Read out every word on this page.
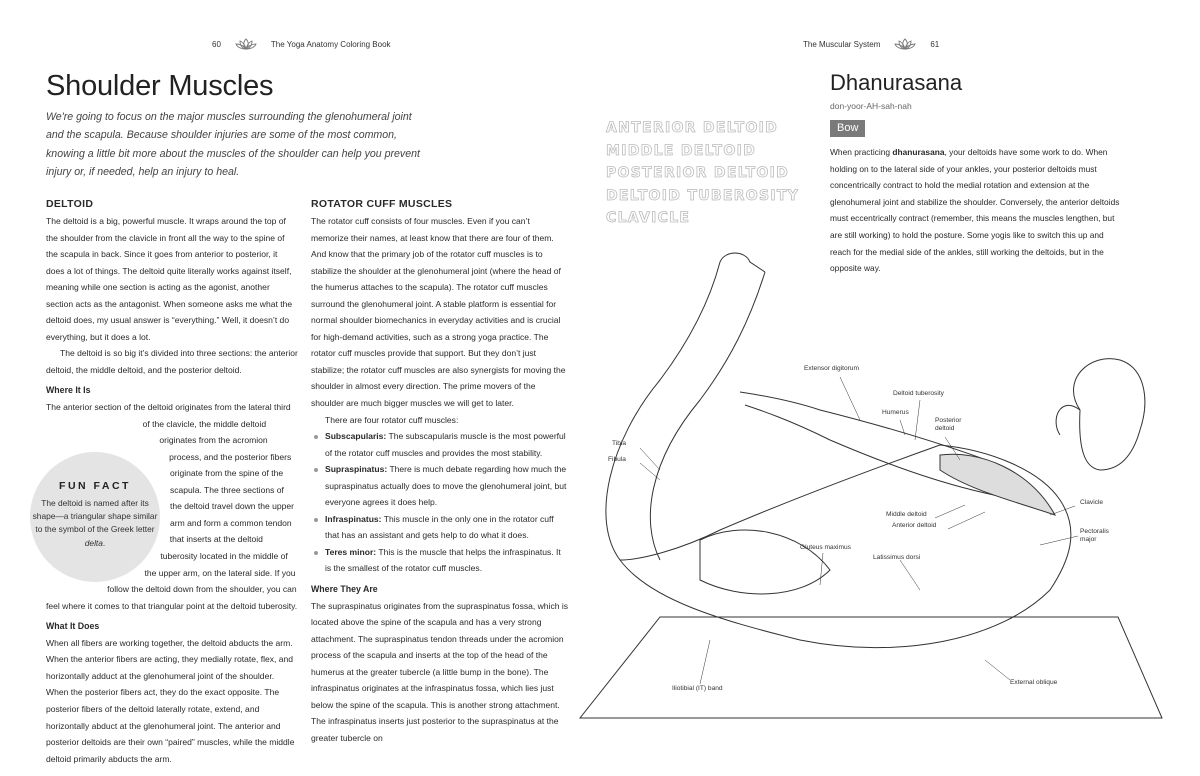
60	The Yoga Anatomy Coloring Book	The Muscular System	61
Shoulder Muscles

We're going to focus on the major muscles surrounding the glenohumeral joint and the scapula. Because shoulder injuries are some of the most common, knowing a little bit more about the muscles of the shoulder can help you prevent injury or, if needed, help an injury to heal.

DELTOID

The deltoid is a big, powerful muscle. It wraps around the top of the shoulder from the clavicle in front all the way to the spine of the scapula in back. Since it goes from anterior to posterior, it does a lot of things. The deltoid quite literally works against itself, meaning while one section is acting as the agonist, another section acts as the antagonist. When someone asks me what the deltoid does, my usual answer is “everything.” Well, it doesn’t do everything, but it does a lot.

The deltoid is so big it’s divided into three sections: the anterior deltoid, the middle deltoid, and the posterior deltoid.

Where It Is
FUN FACT
The deltoid is named after its shape—a triangular shape similar to the symbol of the Greek letter delta.

The anterior section of the deltoid originates from the lateral third of the clavicle, the middle deltoid originates from the acromion process, and the posterior fibers originate from the spine of the scapula. The three sections of the deltoid travel down the upper arm and form a common tendon that inserts at the deltoid tuberosity located in the middle of the upper arm, on the lateral side. If you follow the deltoid down from the shoulder, you can feel where it comes to that triangular point at the deltoid tuberosity.

What It Does

When all fibers are working together, the deltoid abducts the arm. When the anterior fibers are acting, they medially rotate, flex, and horizontally adduct at the glenohumeral joint of the shoulder. When the posterior fibers act, they do the exact opposite. The posterior fibers of the deltoid laterally rotate, extend, and horizontally abduct at the glenohumeral joint. The anterior and posterior deltoids are their own “paired” muscles, while the middle deltoid primarily abducts the arm.

ROTATOR CUFF MUSCLES

The rotator cuff consists of four muscles. Even if you can’t memorize their names, at least know that there are four of them. And know that the primary job of the rotator cuff muscles is to stabilize the shoulder at the glenohumeral joint (where the head of the humerus attaches to the scapula). The rotator cuff muscles surround the glenohumeral joint. A stable platform is essential for normal shoulder biomechanics in everyday activities and is crucial for high-demand activities, such as a strong yoga practice. The rotator cuff muscles provide that support. But they don’t just stabilize; the rotator cuff muscles are also synergists for moving the shoulder in almost every direction. The prime movers of the shoulder are much bigger muscles we will get to later.

There are four rotator cuff muscles:

Subscapularis: The subscapularis muscle is the most powerful of the rotator cuff muscles and provides the most stability.
Supraspinatus: There is much debate regarding how much the supraspinatus actually does to move the glenohumeral joint, but everyone agrees it does help.
Infraspinatus: This muscle in the only one in the rotator cuff that has an assistant and gets help to do what it does.
Teres minor: This is the muscle that helps the infraspinatus. It is the smallest of the rotator cuff muscles.
Where They Are

The supraspinatus originates from the supraspinatus fossa, which is located above the spine of the scapula and has a very strong attachment. The supraspinatus tendon threads under the acromion process of the scapula and inserts at the top of the head of the humerus at the greater tubercle (a little bump in the bone). The infraspinatus originates at the infraspinatus fossa, which lies just below the spine of the scapula. This is another strong attachment. The infraspinatus inserts just posterior to the supraspinatus at the greater tubercle on

Dhanurasana
don-yoor-AH-sah-nah
Bow

When practicing dhanurasana, your deltoids have some work to do. When holding on to the lateral side of your ankles, your posterior deltoids must concentrically contract to hold the medial rotation and extension at the glenohumeral joint and stabilize the shoulder. Conversely, the anterior deltoids must eccentrically contract (remember, this means the muscles lengthen, but are still working) to hold the posture. Some yogis like to switch this up and reach for the medial side of the ankles, still working the deltoids, but in the opposite way.

ANTERIOR DELTOID
MIDDLE DELTOID
POSTERIOR DELTOID
DELTOID TUBEROSITY
CLAVICLE
Extensor digitorum
Deltoid tuberosity
Humerus
Posterior deltoid
Tibia
Fibula
Clavicle
Middle deltoid
Anterior deltoid
Pectoralis major
Gluteus maximus
Latissimus dorsi
External oblique
Iliotibial (IT) band
